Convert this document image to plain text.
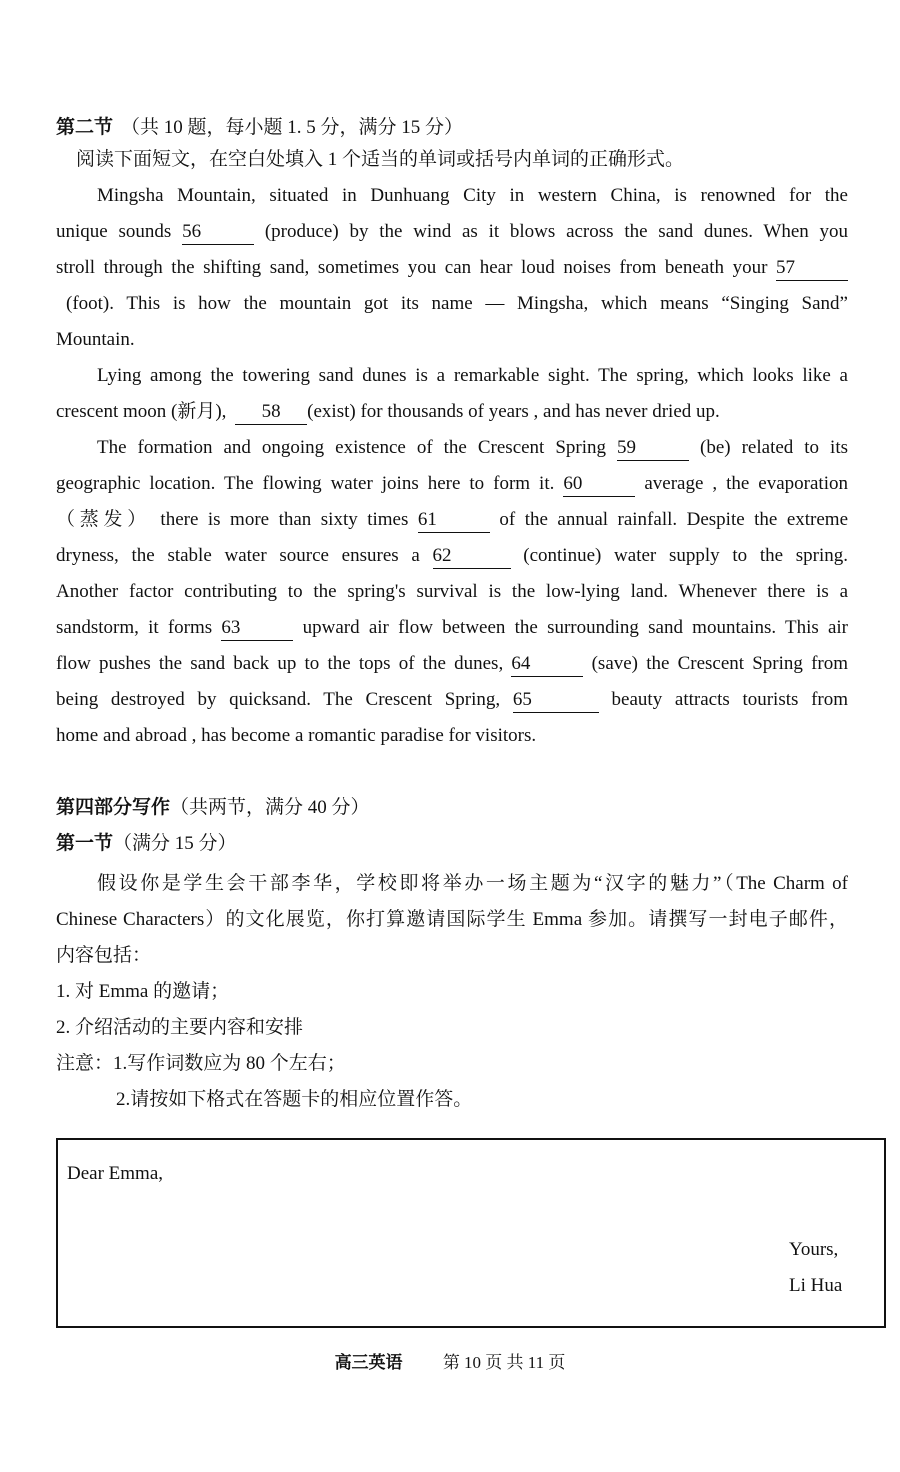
第二节 （共 10 题，每小题 1. 5 分，满分 15 分）
阅读下面短文，在空白处填入 1 个适当的单词或括号内单词的正确形式。
Mingsha Mountain, situated in Dunhuang City in western China, is renowned for the
unique sounds 56	(produce) by the wind as it blows across the sand dunes. When you
stroll through the shifting sand, sometimes you can hear loud noises from beneath your 57
(foot). This is how the mountain got its name — Mingsha, which means “Singing Sand”
Mountain.
Lying among the towering sand dunes is a remarkable sight. The spring, which looks like a
crescent moon (新月), 58 (exist) for thousands of years , and has never dried up.
The formation and ongoing existence of the Crescent Spring 59	(be) related to its
geographic location. The flowing water joins here to form it. 60	average , the evaporation
（蒸发） there is more than sixty times 61	of the annual rainfall. Despite the extreme
dryness, the stable water source ensures a 62	(continue) water supply to the spring.
Another factor contributing to the spring's survival is the low-lying land. Whenever there is a
sandstorm, it forms 63	upward air flow between the surrounding sand mountains. This air
flow pushes the sand back up to the tops of the dunes, 64	(save) the Crescent Spring from
being destroyed by quicksand. The Crescent Spring, 65	beauty attracts tourists from
home and abroad , has become a romantic paradise for visitors.
第四部分写作（共两节，满分 40 分）
第一节（满分 15 分）
假设你是学生会干部李华，学校即将举办一场主题为“汉字的魅力”（The Charm of
Chinese Characters）的文化展览，你打算邀请国际学生 Emma 参加。请撰写一封电子邮件，
内容包括：
1. 对 Emma 的邀请；
2. 介绍活动的主要内容和安排
注意：1.写作词数应为 80 个左右；
2.请按如下格式在答题卡的相应位置作答。
Dear Emma,
Yours,
Li Hua
高三英语 第 10 页 共 11 页
